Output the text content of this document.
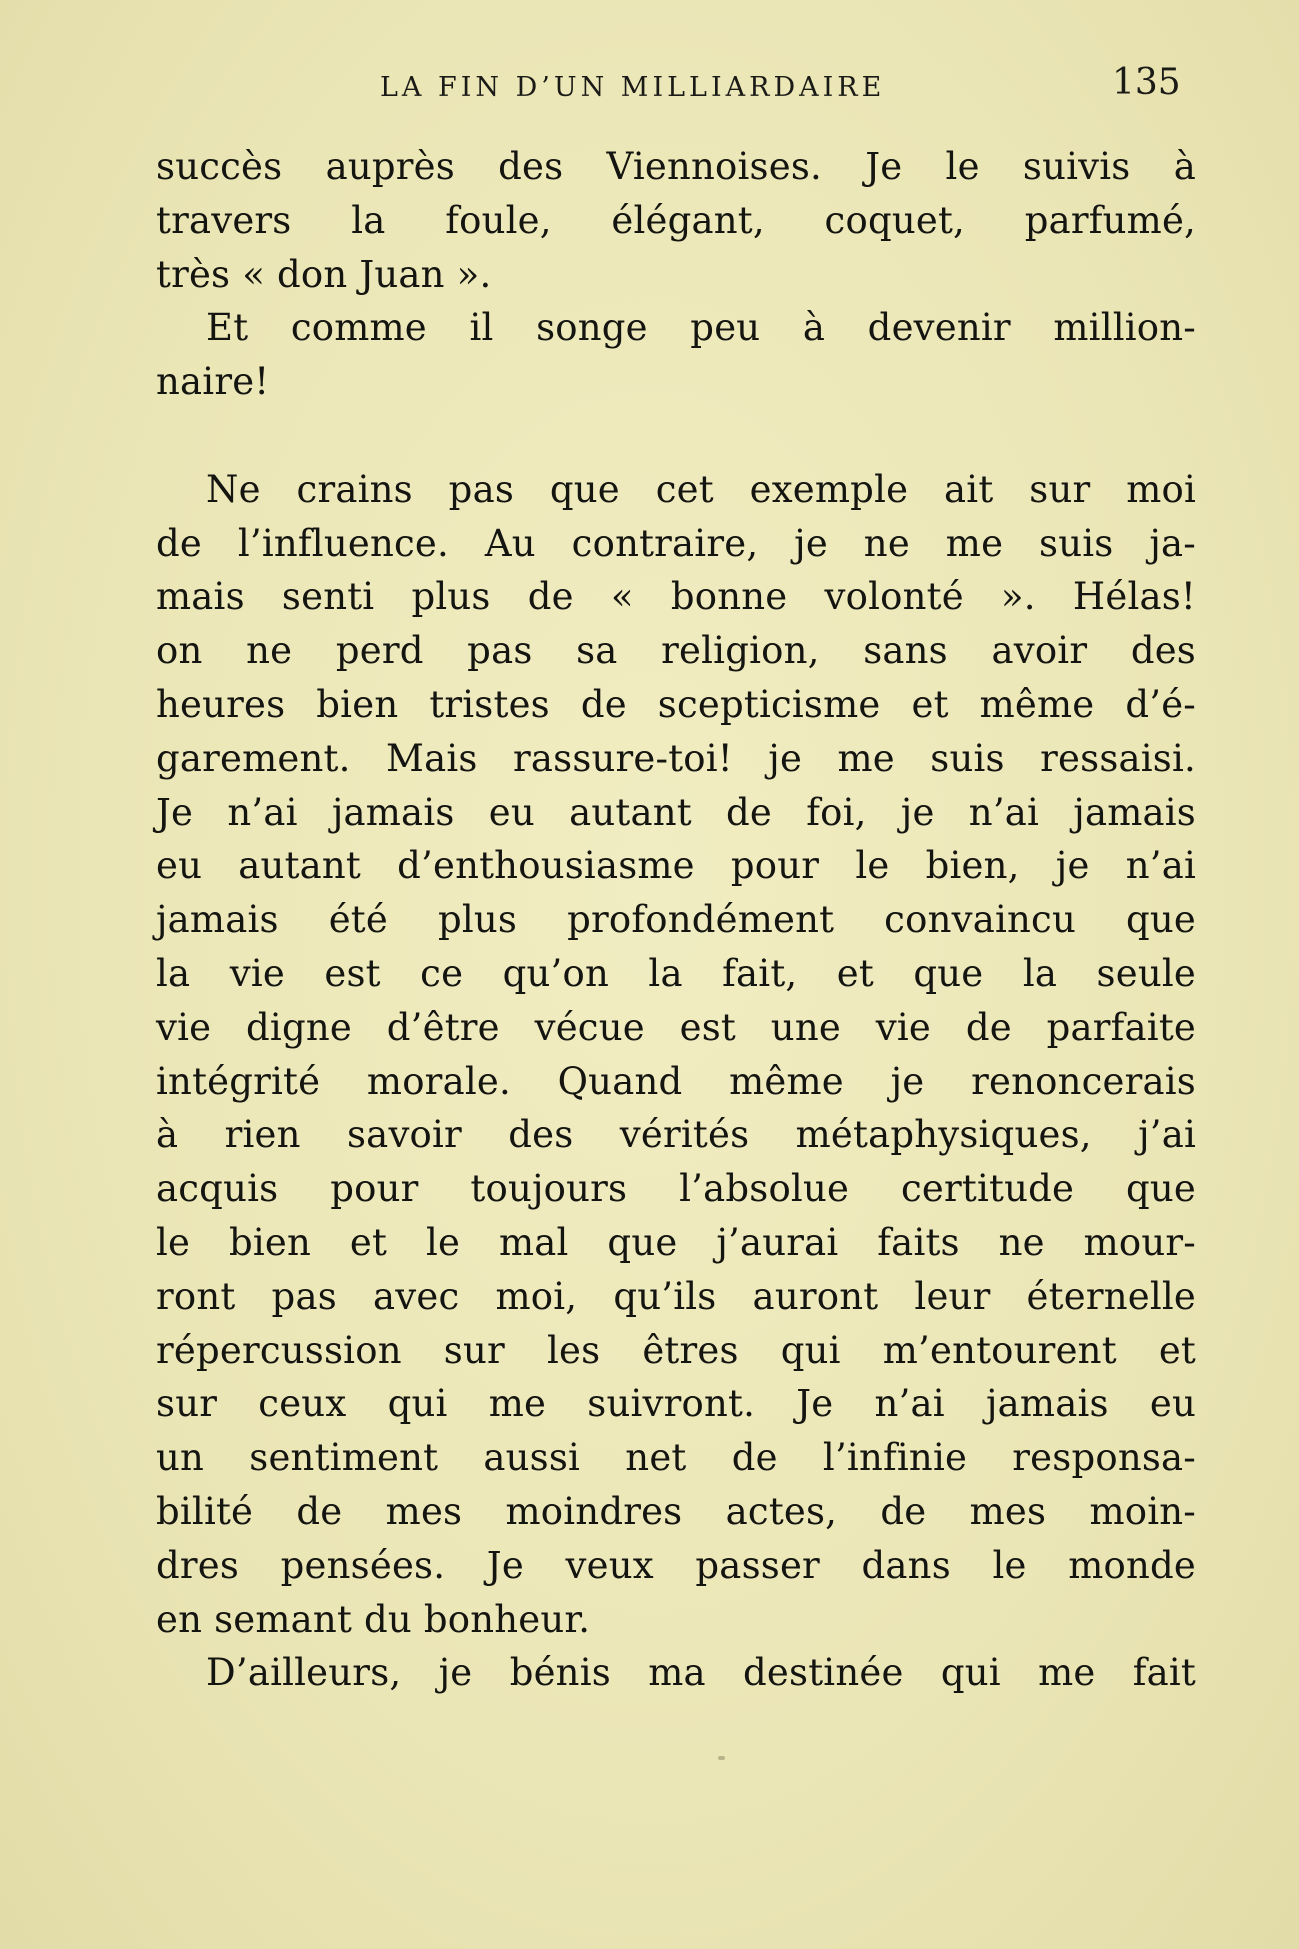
LA FIN D’UN MILLIARDAIRE	135
succès auprès des Viennoises. Je le suivis à
travers la foule, élégant, coquet, parfumé,
très « don Juan ».
Et comme il songe peu à devenir million-
naire!
Ne crains pas que cet exemple ait sur moi
de l’influence. Au contraire, je ne me suis ja-
mais senti plus de « bonne volonté ». Hélas!
on ne perd pas sa religion, sans avoir des
heures bien tristes de scepticisme et même d’é-
garement. Mais rassure-toi! je me suis ressaisi.
Je n’ai jamais eu autant de foi, je n’ai jamais
eu autant d’enthousiasme pour le bien, je n’ai
jamais été plus profondément convaincu que
la vie est ce qu’on la fait, et que la seule
vie digne d’être vécue est une vie de parfaite
intégrité morale. Quand même je renoncerais
à rien savoir des vérités métaphysiques, j’ai
acquis pour toujours l’absolue certitude que
le bien et le mal que j’aurai faits ne mour-
ront pas avec moi, qu’ils auront leur éternelle
répercussion sur les êtres qui m’entourent et
sur ceux qui me suivront. Je n’ai jamais eu
un sentiment aussi net de l’infinie responsa-
bilité de mes moindres actes, de mes moin-
dres pensées. Je veux passer dans le monde
en semant du bonheur.
D’ailleurs, je bénis ma destinée qui me fait
